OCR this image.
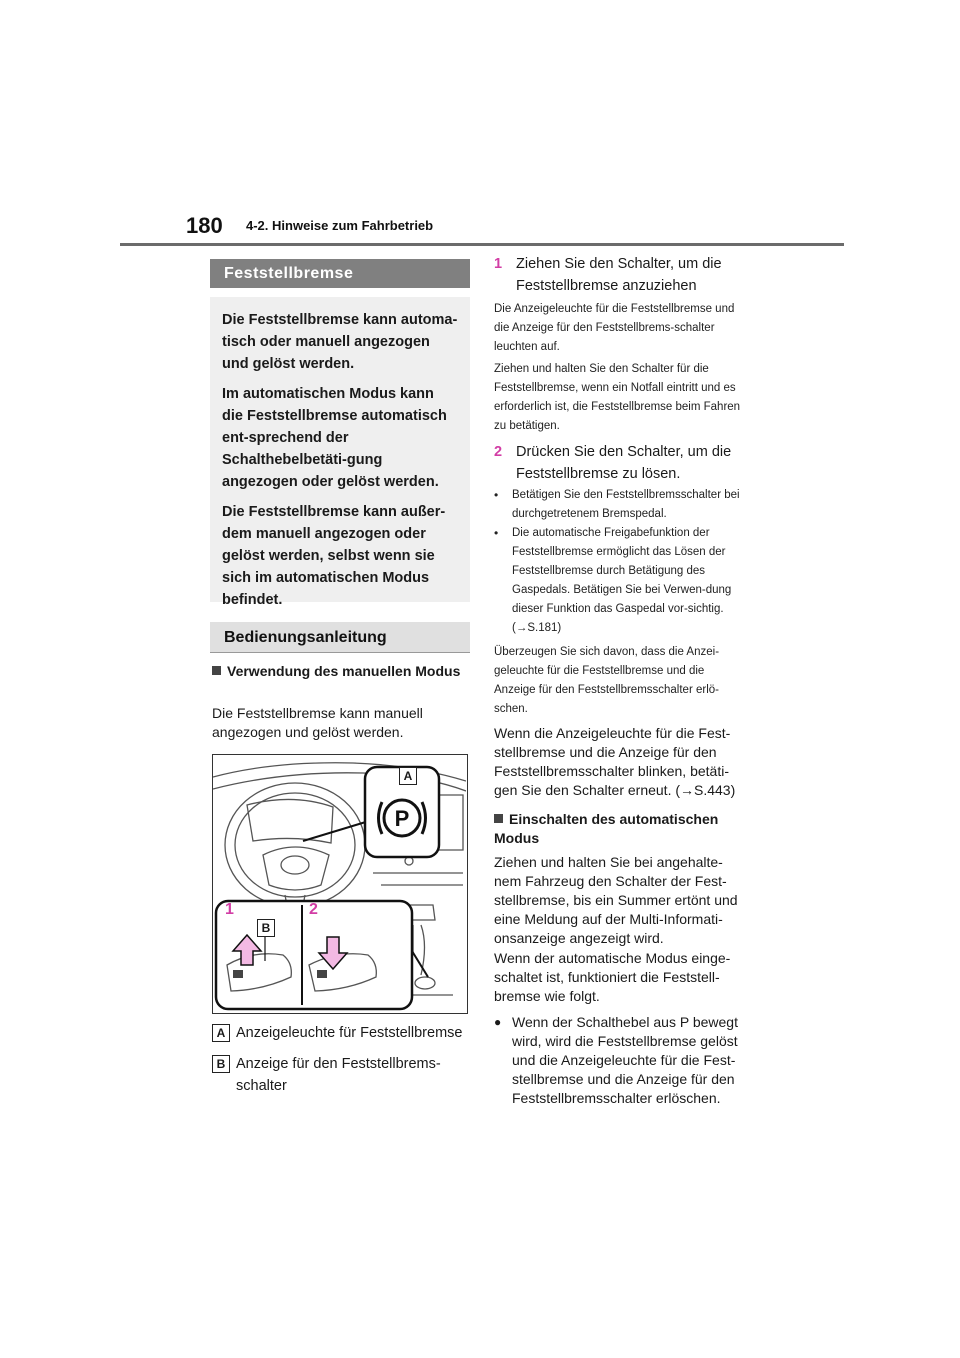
180 4-2. Hinweise zum Fahrbetrieb
Feststellbremse

Die Feststellbremse kann automa-tisch oder manuell angezogen und gelöst werden.

Im automatischen Modus kann die Feststellbremse automatisch ent-sprechend der Schalthebelbetäti-gung angezogen oder gelöst werden.

Die Feststellbremse kann außer-dem manuell angezogen oder gelöst werden, selbst wenn sie sich im automatischen Modus befindet.

Bedienungsanleitung
Verwendung des manuellen Modus
Die Feststellbremse kann manuell angezogen und gelöst werden.
P
A
B
1	2
A Anzeigeleuchte für Feststellbremse
B Anzeige für den Feststellbrems-schalter
1 Ziehen Sie den Schalter, um die Feststellbremse anzuziehen
Die Anzeigeleuchte für die Feststellbremse und die Anzeige für den Feststellbrems-schalter leuchten auf.
Ziehen und halten Sie den Schalter für die Feststellbremse, wenn ein Notfall eintritt und es erforderlich ist, die Feststellbremse beim Fahren zu betätigen.
2 Drücken Sie den Schalter, um die Feststellbremse zu lösen.
• Betätigen Sie den Feststellbremsschalter bei durchgetretenem Bremspedal.
• Die automatische Freigabefunktion der Feststellbremse ermöglicht das Lösen der Feststellbremse durch Betätigung des Gaspedals. Betätigen Sie bei Verwen-dung dieser Funktion das Gaspedal vor-sichtig. (→S.181)
Überzeugen Sie sich davon, dass die Anzei-geleuchte für die Feststellbremse und die Anzeige für den Feststellbremsschalter erlö-schen.
Wenn die Anzeigeleuchte für die Fest-stellbremse und die Anzeige für den Feststellbremsschalter blinken, betäti-gen Sie den Schalter erneut. (→S.443)
Einschalten des automatischen Modus
Ziehen und halten Sie bei angehalte-nem Fahrzeug den Schalter der Fest-stellbremse, bis ein Summer ertönt und eine Meldung auf der Multi-Informati-onsanzeige angezeigt wird.
Wenn der automatische Modus einge-schaltet ist, funktioniert die Feststell-bremse wie folgt.
● Wenn der Schalthebel aus P bewegt wird, wird die Feststellbremse gelöst und die Anzeigeleuchte für die Fest-stellbremse und die Anzeige für den Feststellbremsschalter erlöschen.
